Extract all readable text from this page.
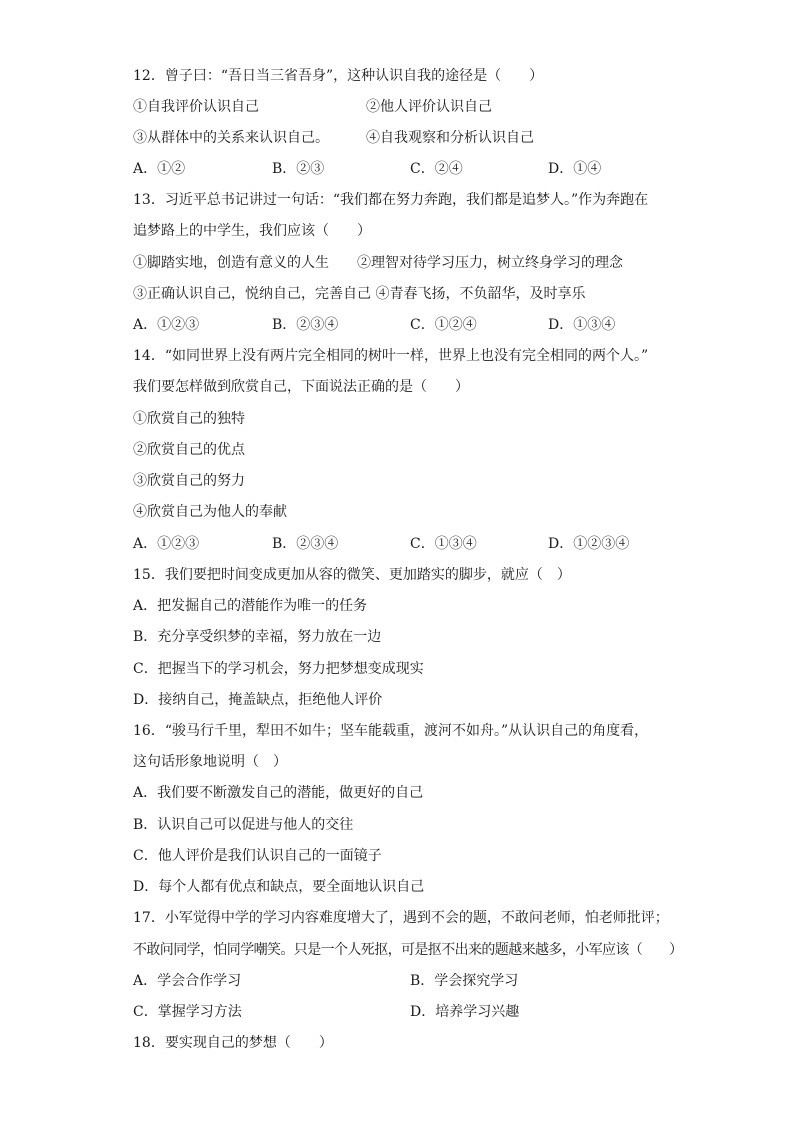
12．曾子曰：“吾日当三省吾身”，这种认识自我的途径是（　　）
①自我评价认识自己	②他人评价认识自己
③从群体中的关系来认识自己。	④自我观察和分析认识自己
A．①②	B．②③	C．②④	D．①④
13．习近平总书记讲过一句话：“我们都在努力奔跑，我们都是追梦人。”作为奔跑在
追梦路上的中学生，我们应该（　　）
①脚踏实地，创造有意义的人生 ②理智对待学习压力，树立终身学习的理念
③正确认识自己，悦纳自己，完善自己 ④青春飞扬，不负韶华，及时享乐
A．①②③	B．②③④	C．①②④	D．①③④
14．“如同世界上没有两片完全相同的树叶一样，世界上也没有完全相同的两个人。”
我们要怎样做到欣赏自己，下面说法正确的是（　　）
①欣赏自己的独特
②欣赏自己的优点
③欣赏自己的努力
④欣赏自己为他人的奉献
A．①②③	B．②③④	C．①③④	D．①②③④
15．我们要把时间变成更加从容的微笑、更加踏实的脚步，就应（　）
A．把发掘自己的潜能作为唯一的任务
B．充分享受织梦的幸福，努力放在一边
C．把握当下的学习机会，努力把梦想变成现实
D．接纳自己，掩盖缺点，拒绝他人评价
16．“骏马行千里，犁田不如牛；坚车能载重，渡河不如舟。”从认识自己的角度看，
这句话形象地说明（　）
A．我们要不断激发自己的潜能，做更好的自己
B．认识自己可以促进与他人的交往
C．他人评价是我们认识自己的一面镜子
D．每个人都有优点和缺点，要全面地认识自己
17．小军觉得中学的学习内容难度增大了，遇到不会的题，不敢问老师，怕老师批评；
不敢问同学，怕同学嘲笑。只是一个人死抠，可是抠不出来的题越来越多，小军应该（　　）
A．学会合作学习	B．学会探究学习
C．掌握学习方法	D．培养学习兴趣
18．要实现自己的梦想（　　）
